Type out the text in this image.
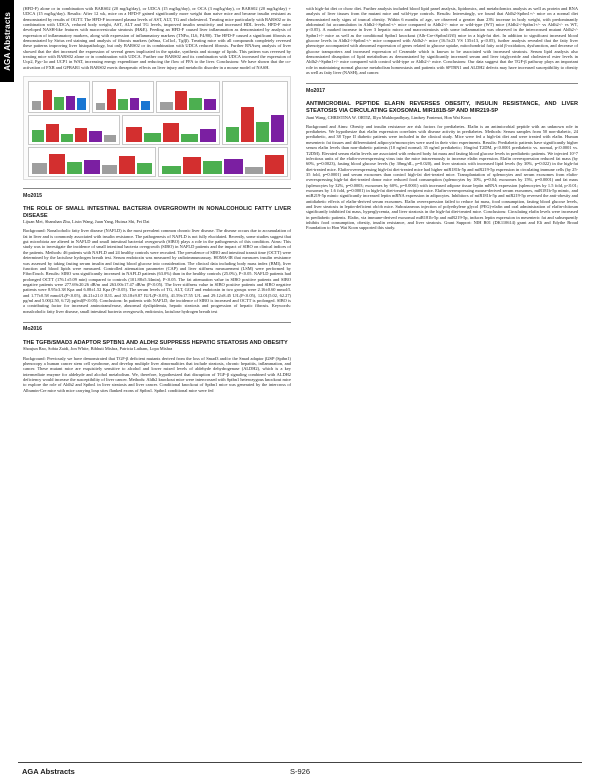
AGA Abstracts

(HFD-F) alone or in combination with BARS02 (20 mg/kg/day), or UDCA (15 mg/kg/day), or OCA (3 mg/kg/day), or BARS02 (20 mg/kg/day) + UDCA (15 mg/kg/day). Results: After 12 wk, mice on a HFD-F gained significantly more weight than naive mice and became insulin resistant as demonstrated by results of OGTT. The HFD-F increased plasma levels of AST, ALT, TG and cholesterol. Treating mice particularly with BARS02 or its combination with UDCA, reduced body weight, AST, ALT and TG levels, improved insulin sensitivity and increased HDL levels. HFD-F mice developed NASH-like features with macrovesicular steatosis (H&E). Feeding an HFD-F caused liver inflammation as demonstrated by analysis of expression of inflammatory markers, along with expression of inflammatory markers (TNFα, IL6, F4/80). The HFD-F caused a significant fibrosis as demonstrated by Sirius red staining and analysis of fibrosis markers (αSma, Col1α1, Tgfβ). Treating mice with all compounds completely reversed these patterns improving liver histopathology, but only BARS02 or its combination with UDCA reduced fibrosis. Further RNAseq analysis of liver showed that the diet increased the expression of several genes implicated in the uptake, synthesis and storage of lipids. This pattern was reversed by treating mice with BARS02 alone or in combination with UDCA. Further our BARS02 and its combination with UDCA increased the expression of Ucp2, Pgc-1α and UCP1 in WAT, increasing energy expenditure and reducing the flow of FFA to the liver. Conclusions: We have shown that the co-activation of FXR and GPBAR1 with BARS02 exerts therapeutic effects on liver injury and metabolic disorder in a mouse model of NASH.

Mo2015

THE ROLE OF SMALL INTESTINAL BACTERIA OVERGROWTH IN NONALCOHOLIC FATTY LIVER DISEASE

Lijuan Mei, Shanshan Zhu, Lixin Wang, Juan Yang, Huirua Shi, Fei Dai

Background: Nonalcoholic fatty liver disease (NAFLD) is the most prevalent common chronic liver disease. The disease occurs due to accumulation of fat in liver and is commonly associated with insulin resistance. The pathogenesis of NAFLD is not fully elucidated. Recently, some studies suggest that gut microbiota are altered in NAFLD and small intestinal bacterial overgrowth (SIBO) plays a role in the pathogenesis of this condition. Aims: This study was to investigate the incidence of small intestinal bacteria overgrowth (SIBO) in NAFLD patients and the impact of SIBO on clinical indices of the patients. Methods: 46 patients with NAFLD and 24 healthy controls were recruited. The prevalence of SIBO and intestinal transit time (OCTT) were determined by the lactulose hydrogen breath test. Serum endotoxin was measured by radioimmunoassay. HOMA-IR that measures insulin resistance was assessed by taking fasting serum insulin and fasting blood glucose into consideration. The clinical data including body mass index (BMI), liver function and blood lipids were measured. Controlled attenuation parameter (CAP) and liver stiffness measurement (LSM) were performed by FibroTouch. Results: SIBO was significantly increased in NAFLD patients (63.0%) than in the healthy controls (25.0%), P<0.05. NAFLD patients had prolonged OCTT (176.1±5.09 min) compared to controls (101.88±5.34min), P<0.05. The fat attenuation value in SIBO positive patients and SIBO negative patients were 277.69±20.26 dB/m and 263.00±17.47 dB/m (P<0.05). The liver stiffness value in SIBO positive patients and SIBO negative patients were 8.95±3.38 Kpa and 6.08±1.52 Kpa (P<0.05). The serum levels of TG, ALT, GGT and endotoxin in two groups were 2.16±0.60 mmol/L and 1.77±0.58 mmol/L(P<0.05), 46.21±21.0 IU/L and 35.18±9.87 IU/L(P<0.05), 41.59±17.55 U/L and 29.12±8.45 U/L(P<0.05), 12.01(5.02, 62.27) pg/ml and 5.00(2.50, 6.72) pg/ml(P<0.05). Conclusions: In patients with NAFLD, the incidence of SIBO is increased and OCTT is prolonged. SIBO is a contributing factor for increased aminotransferase, abnormal dyslipidemia, hepatic steatosis and progression of hepatic fibrosis. Keywords: nonalcoholic fatty liver disease, small intestinal bacteria overgrowth, endotoxin, lactulose hydrogen breath test

Mo2016

THE TGFΒ/SMAD3 ADAPTOR SPTBN1 AND ALDH2 SUPPRESS HEPATIC STEATOSIS AND OBESITY

Shoujun Rao, Sobia Zaidi, Jon White, Bibhuti Mishra, Patricia Latham, Lopa Mishra

Background: Previously we have demonstrated that TGF-β deficient mutants derived from the loss of Smad3 and/or the Smad adaptor β2SP (Sptbn1) phenocopy a human cancer stem cell syndrome, and develop multiple liver abnormalities that include steatosis, chronic hepatitis, inflammation, and cancer. These mutant mice are exquisitely sensitive to alcohol and lower mixed levels of aldehyde dehydrogenase (ALDH2), which is a key intermediate enzyme for aldehyde and alcohol metabolism. We, therefore, hypothesized that disruption of TGF-β signaling combined with ALDH2 deficiency would increase the susceptibility of liver cancer. Methods: Aldh2 knockout mice were intercrossed with Sptbn1 heterozygous knockout mice to explore the role of Aldh2 and Sptbn1 in liver steatosis and liver cancer. Conditional knockout of Sptbn1 mice was generated by the intercross of Albumin-Cre mice with mice carrying loxp sites flanked exons of Sptbn1. Sptbn1 conditional mice were fed

with high-fat diet or chow diet. Further analysis included blood lipid panel analysis, lipidomics, and metabolomics analysis as well as protein and RNA analysis of liver tissues from the mutant mice and wild-type controls. Results: Interestingly, we found that Aldh2-Sptbn1+/- mice on a normal diet demonstrated early signs of truncal obesity. Within 6 months of age, we observed a greater than 23% increase in body weight, with predominantly abdominal fat accumulation in Aldh2-/-Sptbn1+/- mice compared to Aldh2-/- mice or wild-type (WT) mice (Aldh2-/-Sptbn1+/- vs Aldh2-/- vs WT, p<0.05). A marked increase in liver 3 hepatic micro and macrosteatosis with some inflammation was observed in the intercrossed mutant Aldh2-/-Sptbn1+/- mice as well as the conditional Sptbn1 knockout (Alb-Cre+Sptbn1fl/fl) mice in a high-fat diet. In addition to significant increased blood glucose levels in Aldh2-/-Sptbn1+/- mice compared with Aldh2-/- mice (16.5±23 VS 135±13, p<0.05), further analysis revealed that the fatty liver phenotype accompanied with abnormal expression of genes related to glucose uptake, mitochondrial fatty acid β-oxidation, dysfunction, and decrease of glucose transporters and increased expression of Ceramide which is known to be associated with increased steatosis. Serum lipid analysis also demonstrated disruption of lipid metabolism as demonstrated by significantly increased serum and liver triglyceride and cholesterol ester levels in Aldh2-/-Sptbn1+/- mice compared with control wild-type or Aldh2-/- mice. Conclusions: Our data suggest that the TGF-β pathway plays an important role in maintaining normal glucose metabolism homeostasis and patients with SPTBN1 and ALDH2 defects may have increased susceptibility to obesity as well as fatty liver (NASH), and cancer.

Mo2017

ANTIMICROBIAL PEPTIDE ELAFIN REVERSES OBESITY, INSULIN RESISTANCE, AND LIVER STEATOSIS VIA CIRCULATING EXOSOMAL MIR181B-5P AND MIR219-5P

Jiani Wang, CHRISTINA W. ORTIZ, Illya Mukhopadhyay, Lindsey Fontenot, Hon Wai Koon

Background and Aims: Obesity and insulin resistance are risk factors for prediabetes. Elafin is an antimicrobial peptide with an unknown role in prediabetes. We hypothesize that elafin expression correlates with disease activity in prediabetes. Methods: Serum samples from 50 non-diabetic, 24 prediabetic, and 38 Type II diabetic patients were included in the clinical study. Mice were fed a high-fat diet and were treated with elafin. Human mesenteric fat tissues and differentiated adipocyte/monocytes were used in their vitro experiments. Results: Prediabetic patients have significantly higher serum elafin levels than non-diabetic patients (10 ng/ml normal; 35 ng/ml prediabetic; 16ng/ml T2DM, p<0.0001 prediabetic vs. normal, p<0.0001 vs. T2DM). Elevated serum elafin levels are associated with reduced body fat mass and fasting blood glucose levels in prediabetic patients. We injected 10^7 infectious units of the elafin-overexpressing virus into the mice intravenously to increase elafin expression. Elafin overexpression reduced fat mass (by 60%, p=0.0023), fasting blood glucose levels (by 30mg/dL, p=0.020), and liver steatosis with increased lipid levels (by 30%, p=0.022) in the high-fat diet-treated mice. Elafin-overexpressing high-fat diet-treated mice had higher miR181b-5p and miR219-5p expression in circulating immune cells (by 25-35 fold, p=0.0001) and serum exosomes than control high-fat diet-treated mice. Transplantation of splenocytes and serum exosomes from elafin-overexpressing high-fat diet-treated donor mice reduced food consumption (splenocytes by 10%, p=0.04; exosomes by 15%, p=0.0001) and fat mass (splenocytes by 32%, p=0.0003; exosomes by 60%, p=0.0001) with increased adipose tissue leptin mRNA expression (splenocytes by 1.5 fold, p<0.01; exosomes by 1.6 fold, p=0.0001) in high-fat diet-treated recipient mice. Elafin-overexpressing mouse-derived serum exosomes, miR181b-5p mimic, and miR219-5p mimic significantly increased leptin mRNA expression in adipocytes. Inhibitors of miR181b-5p and miR219-5p reversed the anti-obesity and antidiabetic effects of elafin-derived serum exosomes. Elafin overexpression failed to reduce fat mass, food consumption, fasting blood glucose levels, and liver steatosis in leptin-deficient ob/ob mice. Subcutaneous injection of polyethylene glycol (PEG)-elafin and oral administration of elafin-chitosan significantly inhibited fat mass, hyperglycemia, and liver steatosis in the high-fat diet-treated mice. Conclusions: Circulating elafin levels were increased in prediabetic patients. Elafin, via immune-derived exosomal miR181b-5p and miR219-5p, induces leptin expression in mesenteric fat and subsequently inhibits food consumption, obesity, insulin resistance, and liver steatosis. Grant Support: NIH R01 (DK110614) grant and Eli and Edythe Broad Foundation to Hon Wai Koon supported this study.

AGA Abstracts	S-926
